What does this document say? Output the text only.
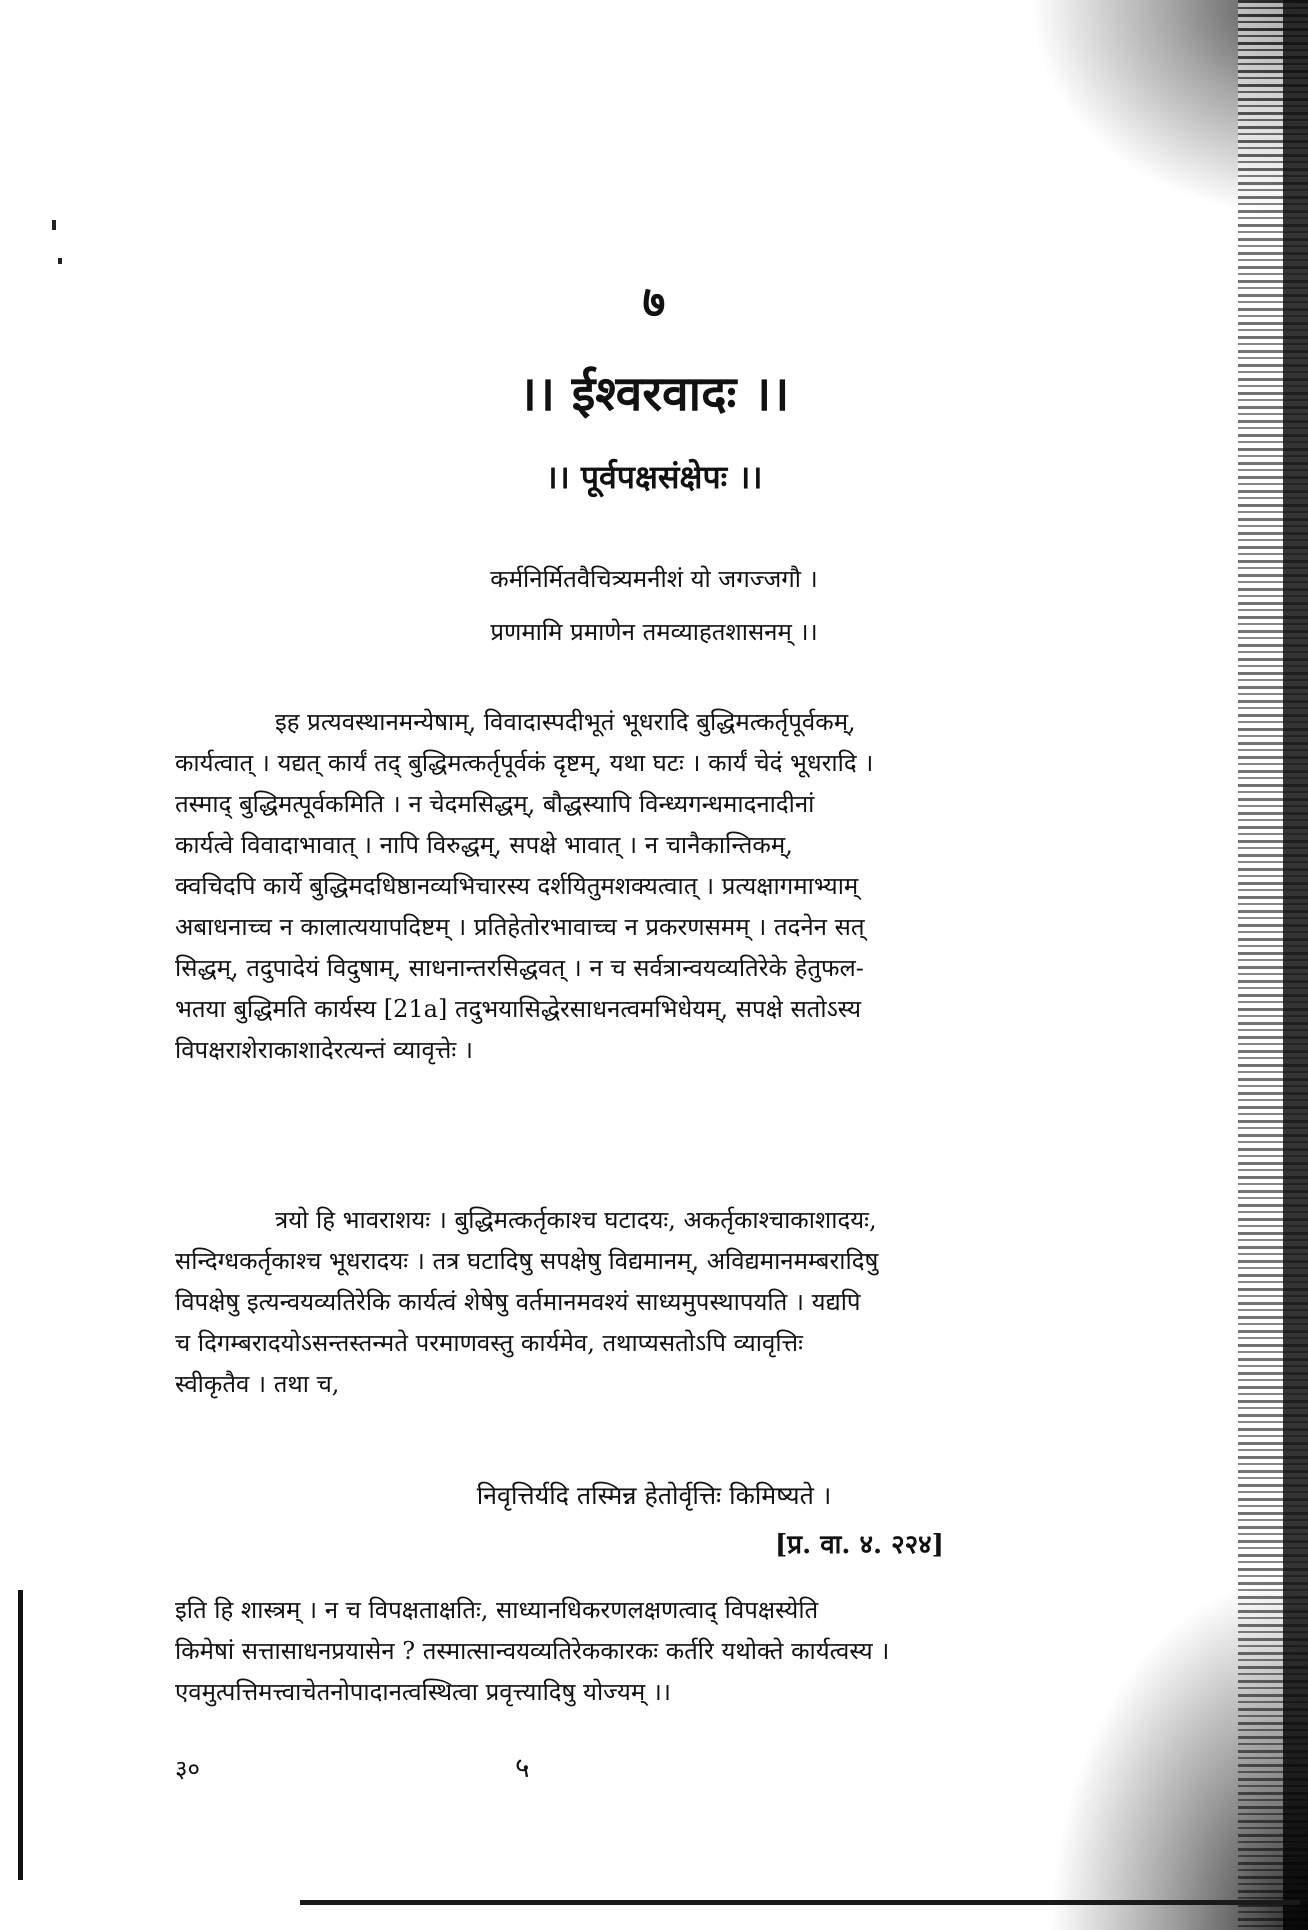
७
।। ईश्वरवादः ।।
।। पूर्वपक्षसंक्षेपः ।।
कर्मनिर्मितवैचित्र्यमनीशं यो जगज्जगौ ।
प्रणमामि प्रमाणेन तमव्याहतशासनम् ।।
इह प्रत्यवस्थानमन्येषाम्, विवादास्पदीभूतं भूधरादि बुद्धिमत्कर्तृपूर्वकम्,
कार्यत्वात् । यद्यत् कार्यं तद् बुद्धिमत्कर्तृपूर्वकं दृष्टम्, यथा घटः । कार्यं चेदं भूधरादि ।
तस्माद् बुद्धिमत्पूर्वकमिति । न चेदमसिद्धम्, बौद्धस्यापि विन्ध्यगन्धमादनादीनां
कार्यत्वे विवादाभावात् । नापि विरुद्धम्, सपक्षे भावात् । न चानैकान्तिकम्,
क्वचिदपि कार्ये बुद्धिमदधिष्ठानव्यभिचारस्य दर्शयितुमशक्यत्वात् । प्रत्यक्षागमाभ्याम्
अबाधनाच्च न कालात्ययापदिष्टम् । प्रतिहेतोरभावाच्च न प्रकरणसमम् । तदनेन सत्
सिद्धम्, तदुपादेयं विदुषाम्, साधनान्तरसिद्धवत् । न च सर्वत्रान्वयव्यतिरेके हेतुफल-
भतया बुद्धिमति कार्यस्य [21a] तदुभयासिद्धेरसाधनत्वमभिधेयम्, सपक्षे सतोऽस्य
विपक्षराशेराकाशादेरत्यन्तं व्यावृत्तेः ।
त्रयो हि भावराशयः । बुद्धिमत्कर्तृकाश्च घटादयः, अकर्तृकाश्चाकाशादयः,
सन्दिग्धकर्तृकाश्च भूधरादयः । तत्र घटादिषु सपक्षेषु विद्यमानम्, अविद्यमानमम्बरादिषु
विपक्षेषु इत्यन्वयव्यतिरेकि कार्यत्वं शेषेषु वर्तमानमवश्यं साध्यमुपस्थापयति । यद्यपि
च दिगम्बरादयोऽसन्तस्तन्मते परमाणवस्तु कार्यमेव, तथाप्यसतोऽपि व्यावृत्तिः
स्वीकृतैव । तथा च,
निवृत्तिर्यदि तस्मिन्न हेतोर्वृत्तिः किमिष्यते ।
[प्र. वा. ४. २२४]
इति हि शास्त्रम् । न च विपक्षताक्षतिः, साध्यानधिकरणलक्षणत्वाद् विपक्षस्येति
किमेषां सत्तासाधनप्रयासेन ? तस्मात्सान्वयव्यतिरेककारकः कर्तरि यथोक्ते कार्यत्वस्य ।
एवमुत्पत्तिमत्त्वाचेतनोपादानत्वस्थित्वा प्रवृत्त्यादिषु योज्यम् ।।
३०	५
